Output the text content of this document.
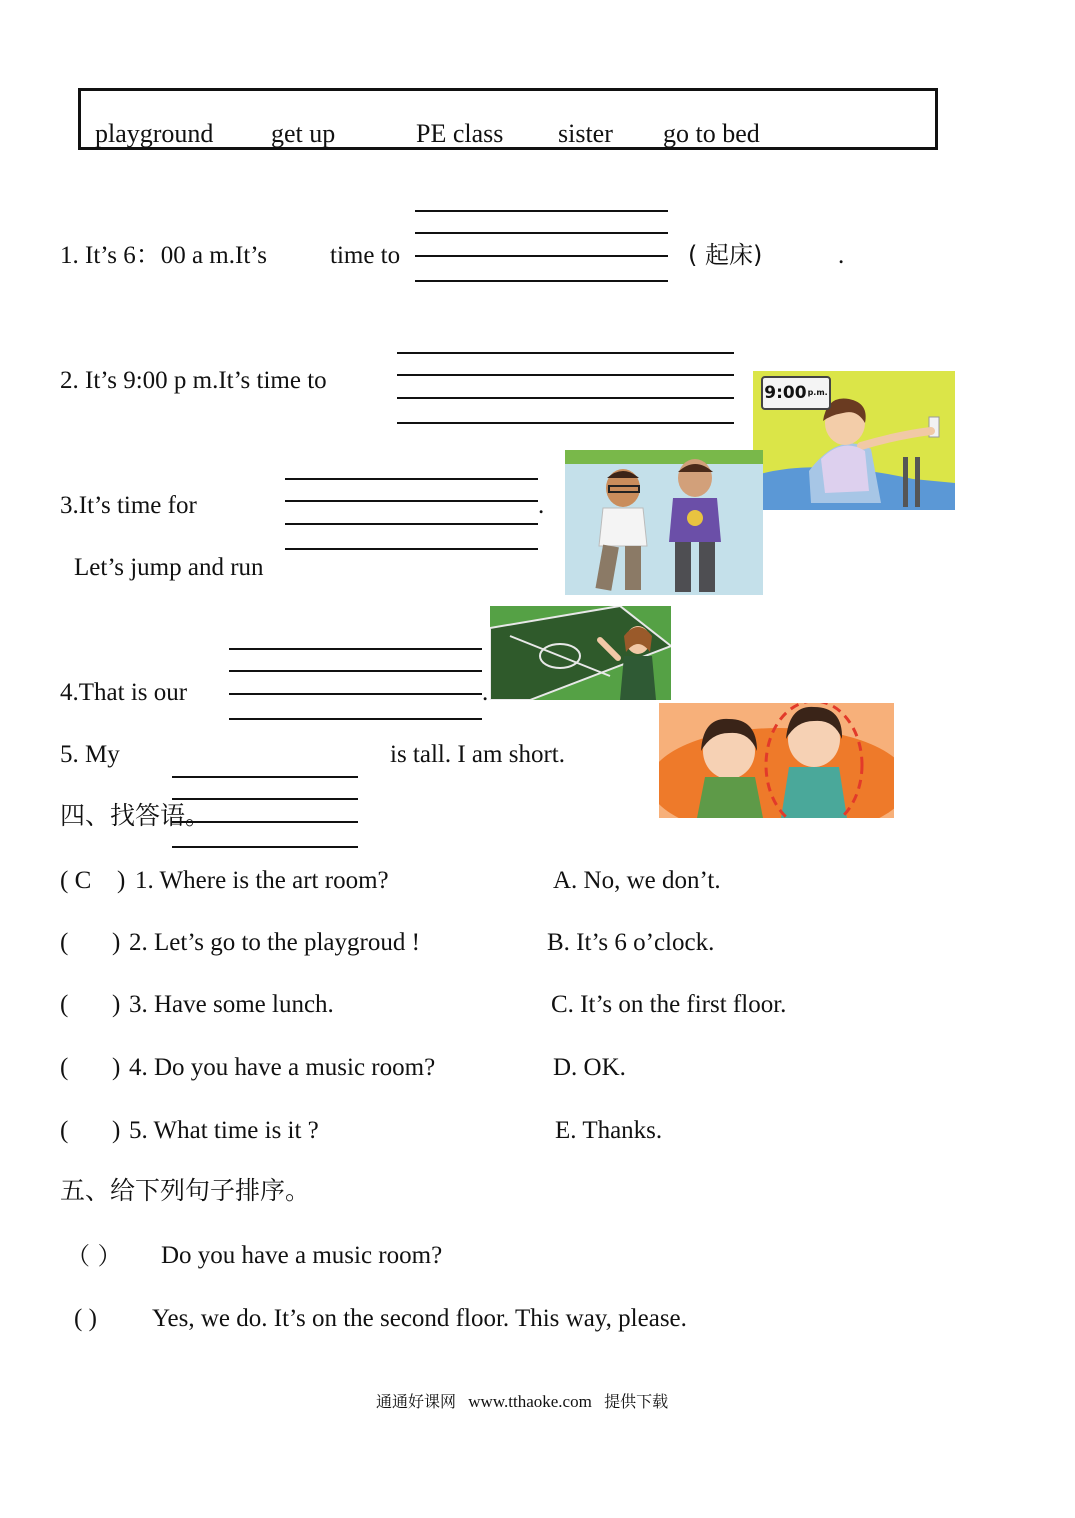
playground get up	PE class sister go to bed
1. It’s 6：00 a m.It’s	time to	( 起床)	.
2. It’s 9:00 p m.It’s time to	$9:00^{p.m.}$
3.It’s time for	.
Let’s jump and run
4.That is our	.
5. My	is tall. I am short.
四、找答语。
( C ) 1. Where is the art room?	A. No, we don’t.
( ) 2. Let’s go to the playgroud !	B. It’s 6 o’clock.
( ) 3. Have some lunch.	C. It’s on the first floor.
( ) 4. Do you have a music room?	D. OK.
( ) 5. What time is it ?	E. Thanks.
五、给下列句子排序。
（ ） Do you have a music room?
( ) Yes, we do. It’s on the second floor. This way, please.
通通好课网 www.tthaoke.com 提供下载
